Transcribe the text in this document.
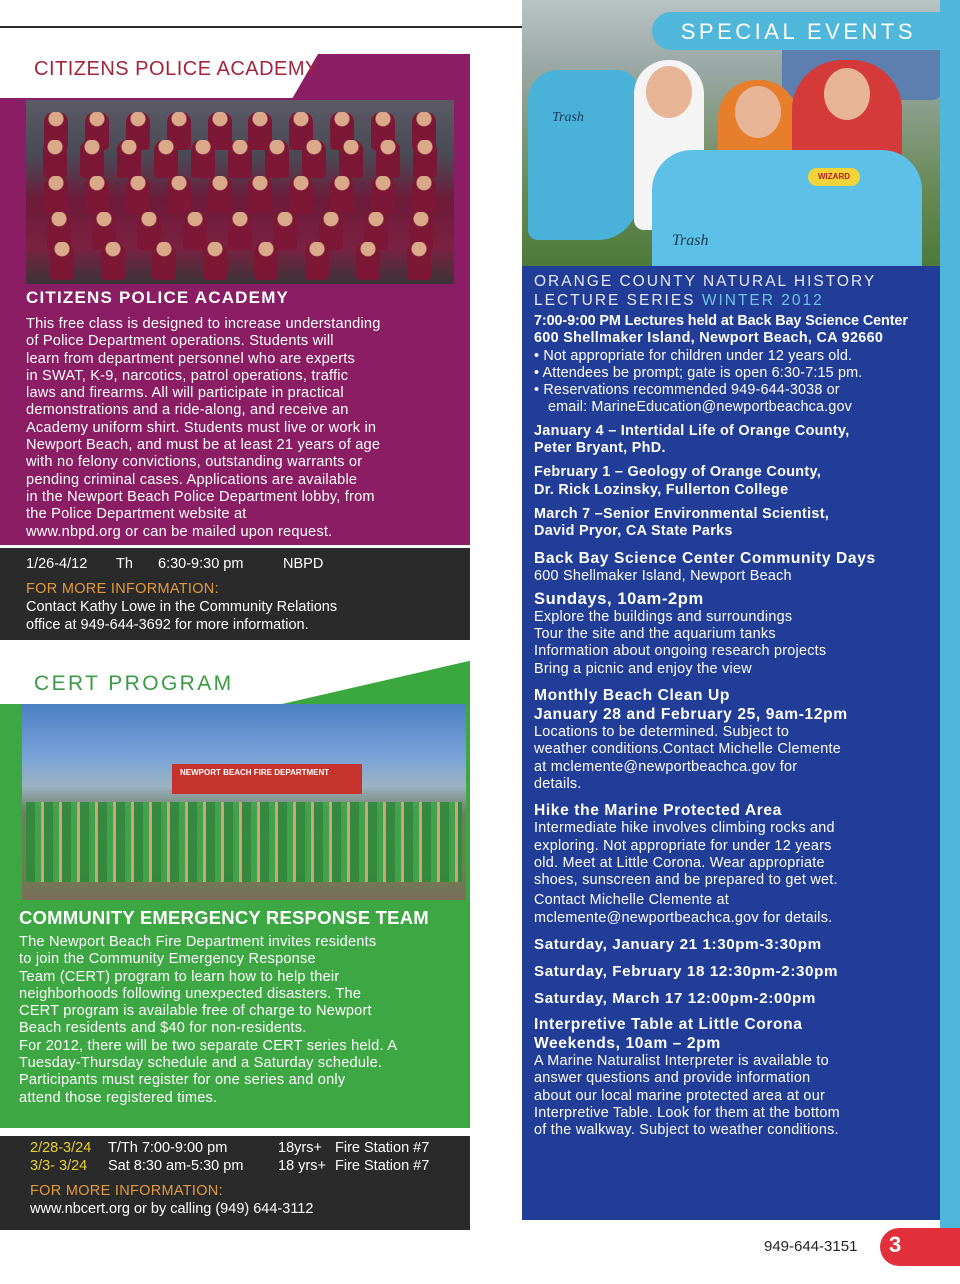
CITIZENS POLICE ACADEMY
CITIZENS POLICE ACADEMY
This free class is designed to increase understanding
of Police Department operations. Students will
learn from department personnel who are experts
in SWAT, K-9, narcotics, patrol operations, traffic
laws and firearms. All will participate in practical
demonstrations and a ride-along, and receive an
Academy uniform shirt. Students must live or work in
Newport Beach, and must be at least 21 years of age
with no felony convictions, outstanding warrants or
pending criminal cases. Applications are available
in the Newport Beach Police Department lobby, from
the Police Department website at
www.nbpd.org or can be mailed upon request.
1/26-4/12	Th	6:30-9:30 pm	NBPD
FOR MORE INFORMATION:
Contact Kathy Lowe in the Community Relations
office at 949-644-3692 for more information.
CERT PROGRAM
NEWPORT BEACH FIRE DEPARTMENT
COMMUNITY EMERGENCY RESPONSE TEAM
The Newport Beach Fire Department invites residents
to join the Community Emergency Response
Team (CERT) program to learn how to help their
neighborhoods following unexpected disasters. The
CERT program is available free of charge to Newport
Beach residents and $40 for non-residents.
For 2012, there will be two separate CERT series held. A
Tuesday-Thursday schedule and a Saturday schedule.
Participants must register for one series and only
attend those registered times.
2/28-3/24	T/Th 7:00-9:00 pm	18yrs+ Fire Station #7
3/3- 3/24	Sat 8:30 am-5:30 pm	18 yrs+ Fire Station #7
FOR MORE INFORMATION:
www.nbcert.org or by calling (949) 644-3112
WIZARD
Trash
Trash
SPECIAL EVENTS
ORANGE COUNTY NATURAL HISTORY
LECTURE SERIES WINTER 2012
7:00-9:00 PM Lectures held at Back Bay Science Center
600 Shellmaker Island, Newport Beach, CA 92660
• Not appropriate for children under 12 years old.
• Attendees be prompt; gate is open 6:30-7:15 pm.
• Reservations recommended 949-644-3038 or
email: MarineEducation@newportbeachca.gov
January 4 – Intertidal Life of Orange County,
Peter Bryant, PhD.
February 1 – Geology of Orange County,
Dr. Rick Lozinsky, Fullerton College
March 7 –Senior Environmental Scientist,
David Pryor, CA State Parks
Back Bay Science Center Community Days
600 Shellmaker Island, Newport Beach
Sundays, 10am-2pm
Explore the buildings and surroundings
Tour the site and the aquarium tanks
Information about ongoing research projects
Bring a picnic and enjoy the view
Monthly Beach Clean Up
January 28 and February 25, 9am-12pm
Locations to be determined. Subject to
weather conditions.Contact Michelle Clemente
at mclemente@newportbeachca.gov for
details.
Hike the Marine Protected Area
Intermediate hike involves climbing rocks and
exploring. Not appropriate for under 12 years
old. Meet at Little Corona. Wear appropriate
shoes, sunscreen and be prepared to get wet.
Contact Michelle Clemente at
mclemente@newportbeachca.gov for details.
Saturday, January 21 1:30pm-3:30pm
Saturday, February 18 12:30pm-2:30pm
Saturday, March 17 12:00pm-2:00pm
Interpretive Table at Little Corona
Weekends, 10am – 2pm
A Marine Naturalist Interpreter is available to
answer questions and provide information
about our local marine protected area at our
Interpretive Table. Look for them at the bottom
of the walkway. Subject to weather conditions.
949-644-3151 3
